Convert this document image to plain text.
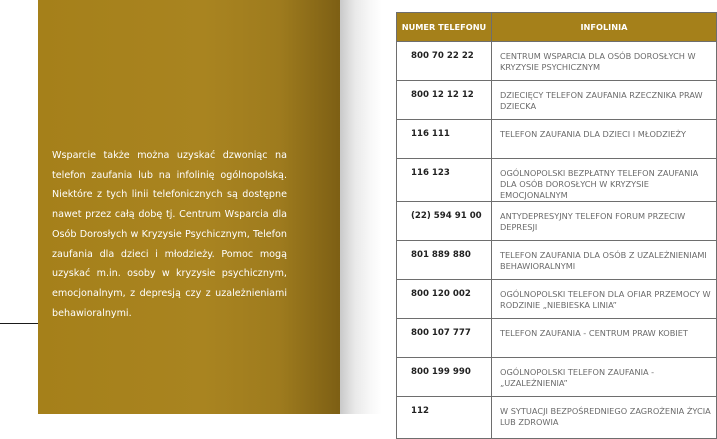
Wsparcie także można uzyskać dzwoniąc na telefon zaufania lub na infolinię ogólnopolską. Niektóre z tych linii telefonicznych są dostępne nawet przez całą dobę tj. Centrum Wsparcia dla Osób Dorosłych w Kryzysie Psychicznym, Telefon zaufania dla dzieci i młodzieży. Pomoc mogą uzyskać m.in. osoby w kryzysie psychicznym, emocjonalnym, z depresją czy z uzależnieniami behawioralnymi.

NUMER TELEFONU	INFOLINIA
800 70 22 22	CENTRUM WSPARCIA DLA OSÓB DOROSŁYCH W KRYZYSIE PSYCHICZNYM
800 12 12 12	DZIECIĘCY TELEFON ZAUFANIA RZECZNIKA PRAW DZIECKA
116 111	TELEFON ZAUFANIA DLA DZIECI I MŁODZIEŻY
116 123	OGÓLNOPOLSKI BEZPŁATNY TELEFON ZAUFANIA DLA OSÓB DOROSŁYCH W KRYZYSIE EMOCJONALNYM
(22) 594 91 00	ANTYDEPRESYJNY TELEFON FORUM PRZECIW DEPRESJI
801 889 880	TELEFON ZAUFANIA DLA OSÓB Z UZALEŻNIENIAMI BEHAWIORALNYMI
800 120 002	OGÓLNOPOLSKI TELEFON DLA OFIAR PRZEMOCY W RODZINIE „NIEBIESKA LINIA”
800 107 777	TELEFON ZAUFANIA - CENTRUM PRAW KOBIET
800 199 990	OGÓLNOPOLSKI TELEFON ZAUFANIA - „UZALEŻNIENIA”
112	W SYTUACJI BEZPOŚREDNIEGO ZAGROŻENIA ŻYCIA LUB ZDROWIA
